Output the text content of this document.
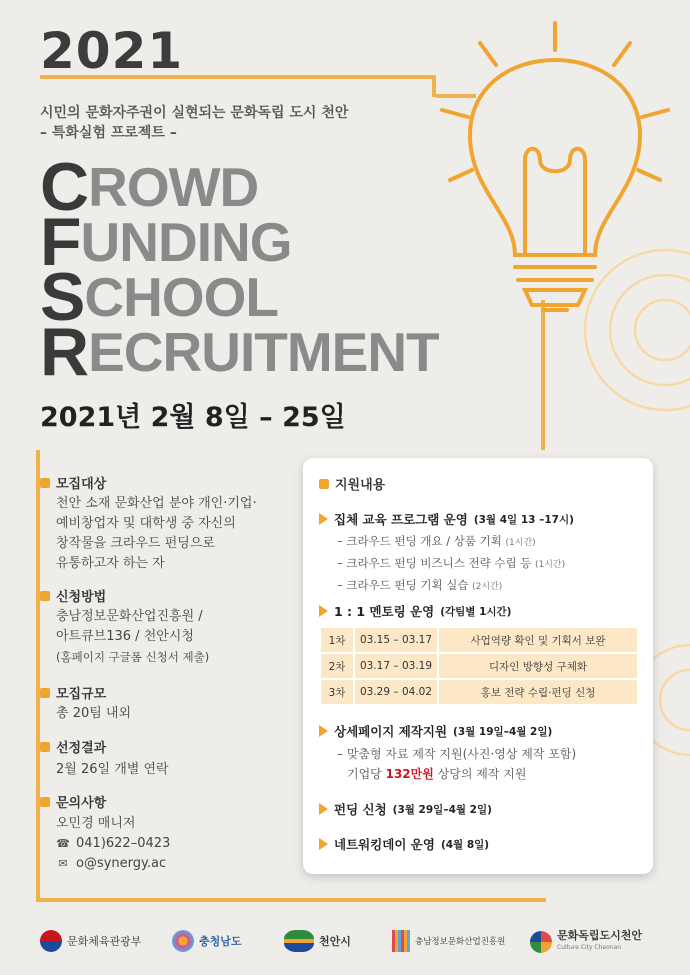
2021
시민의 문화자주권이 실현되는 문화독립 도시 천안
– 특화실험 프로젝트 –
CROWD
FUNDING
SCHOOL
RECRUITMENT
2021년 2월 8일 – 25일
모집대상
천안 소재 문화산업 분야 개인·기업·
예비창업자 및 대학생 중 자신의
창작물을 크라우드 펀딩으로
유통하고자 하는 자
신청방법
충남정보문화산업진흥원 /
아트큐브136 / 천안시청
(홈페이지 구글폼 신청서 제출)
모집규모
총 20팀 내외
선정결과
2월 26일 개별 연락
문의사항
오민경 매니저
☎ 041)622–0423
✉ o@synergy.ac
지원내용
집체 교육 프로그램 운영 (3월 4일 13 –17시)
– 크라우드 펀딩 개요 / 상품 기획 (1시간)
– 크라우드 펀딩 비즈니스 전략 수립 등 (1시간)
– 크라우드 펀딩 기획 실습 (2시간)
1 : 1 멘토링 운영 (각팀별 1시간)
1차	03.15 – 03.17	사업역량 확인 및 기획서 보완
2차	03.17 – 03.19	디자인 방향성 구체화
3차	03.29 – 04.02	홍보 전략 수립·펀딩 신청
상세페이지 제작지원 (3월 19일–4월 2일)
– 맞춤형 자료 제작 지원(사진·영상 제작 포함)
기업당 132만원 상당의 제작 지원
펀딩 신청 (3월 29일–4월 2일)
네트워킹데이 운영 (4월 8일)
문화체육관광부	충청남도	천안시	충남정보문화산업진흥원	문화독립도시천안
Culture City Cheonan
